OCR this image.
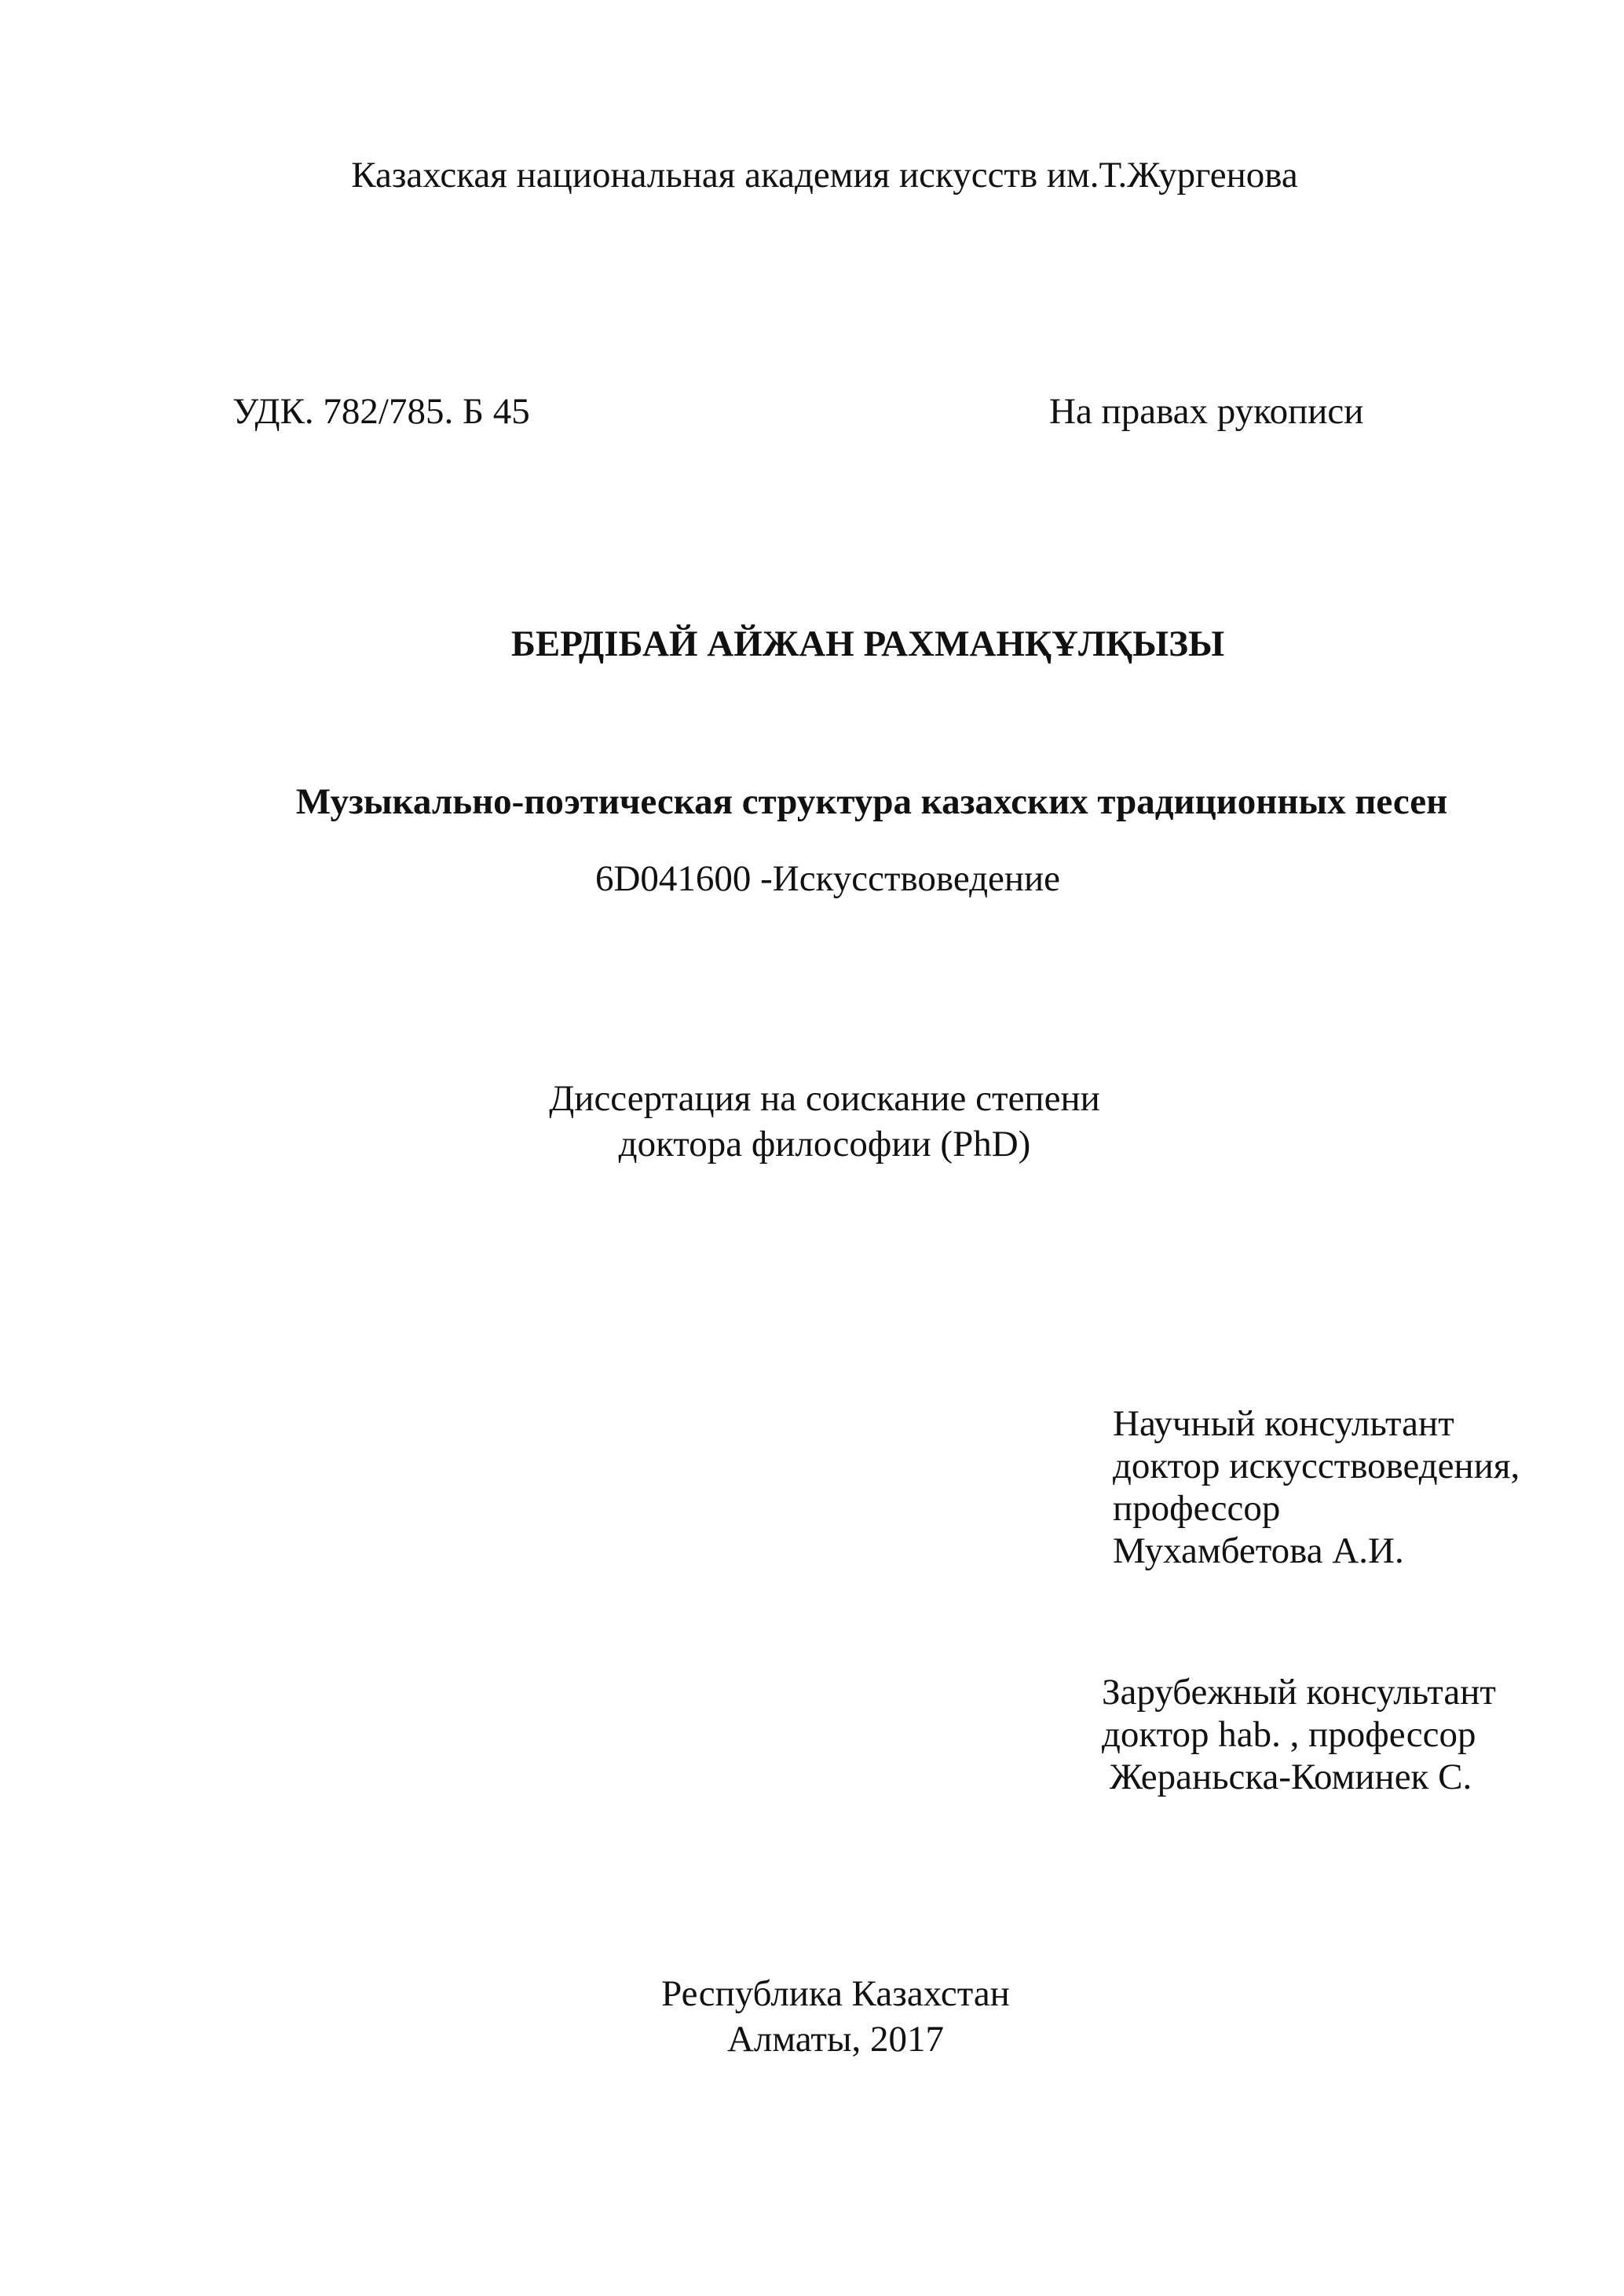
Казахская национальная академия искусств им.Т.Жургенова

УДК. 782/785. Б 45	На правах рукописи

БЕРДІБАЙ АЙЖАН РАХМАНҚҰЛҚЫЗЫ

Музыкально-поэтическая структура казахских традиционных песен

6D041600 -Искусствоведение

Диссертация на соискание степени
доктора философии (PhD)
Научный консультант
доктор искусствоведения,
профессор
Мухамбетова А.И.
Зарубежный консультант
доктор hab. , профессор
Жераньска-Коминек С.
Республика Казахстан
Алматы, 2017
